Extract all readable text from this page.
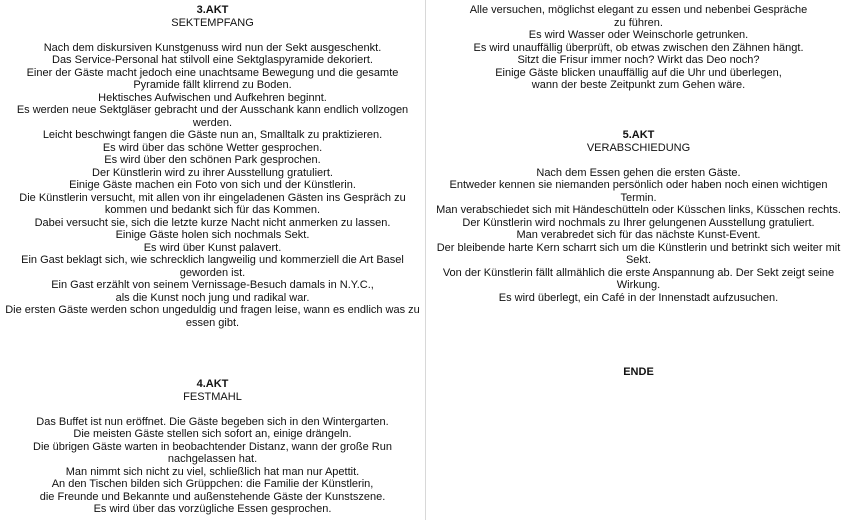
3.AKT
SEKTEMPFANG
Nach dem diskursiven Kunstgenuss wird nun der Sekt ausgeschenkt.
Das Service-Personal hat stilvoll eine Sektglaspyramide dekoriert.
Einer der Gäste macht jedoch eine unachtsame Bewegung und die gesamte
Pyramide fällt klirrend zu Boden.
Hektisches Aufwischen und Aufkehren beginnt.
Es werden neue Sektgläser gebracht und der Ausschank kann endlich vollzogen
werden.
Leicht beschwingt fangen die Gäste nun an, Smalltalk zu praktizieren.
Es wird über das schöne Wetter gesprochen.
Es wird über den schönen Park gesprochen.
Der Künstlerin wird zu ihrer Ausstellung gratuliert.
Einige Gäste machen ein Foto von sich und der Künstlerin.
Die Künstlerin versucht, mit allen von ihr eingeladenen Gästen ins Gespräch zu
kommen und bedankt sich für das Kommen.
Dabei versucht sie, sich die letzte kurze Nacht nicht anmerken zu lassen.
Einige Gäste holen sich nochmals Sekt.
Es wird über Kunst palavert.
Ein Gast beklagt sich, wie schrecklich langweilig und kommerziell die Art Basel
geworden ist.
Ein Gast erzählt von seinem Vernissage-Besuch damals in N.Y.C.,
als die Kunst noch jung und radikal war.
Die ersten Gäste werden schon ungeduldig und fragen leise, wann es endlich was zu
essen gibt.
4.AKT
FESTMAHL
Das Buffet ist nun eröffnet. Die Gäste begeben sich in den Wintergarten.
Die meisten Gäste stellen sich sofort an, einige drängeln.
Die übrigen Gäste warten in beobachtender Distanz, wann der große Run
nachgelassen hat.
Man nimmt sich nicht zu viel, schließlich hat man nur Apettit.
An den Tischen bilden sich Grüppchen: die Familie der Künstlerin,
die Freunde und Bekannte und außenstehende Gäste der Kunstszene.
Es wird über das vorzügliche Essen gesprochen.
Alle versuchen, möglichst elegant zu essen und nebenbei Gespräche
zu führen.
Es wird Wasser oder Weinschorle getrunken.
Es wird unauffällig überprüft, ob etwas zwischen den Zähnen hängt.
Sitzt die Frisur immer noch? Wirkt das Deo noch?
Einige Gäste blicken unauffällig auf die Uhr und überlegen,
wann der beste Zeitpunkt zum Gehen wäre.
5.AKT
VERABSCHIEDUNG
Nach dem Essen gehen die ersten Gäste.
Entweder kennen sie niemanden persönlich oder haben noch einen wichtigen
Termin.
Man verabschiedet sich mit Händeschütteln oder Küsschen links, Küsschen rechts.
Der Künstlerin wird nochmals zu Ihrer gelungenen Ausstellung gratuliert.
Man verabredet sich für das nächste Kunst-Event.
Der bleibende harte Kern scharrt sich um die Künstlerin und betrinkt sich weiter mit
Sekt.
Von der Künstlerin fällt allmählich die erste Anspannung ab. Der Sekt zeigt seine
Wirkung.
Es wird überlegt, ein Café in der Innenstadt aufzusuchen.
ENDE
